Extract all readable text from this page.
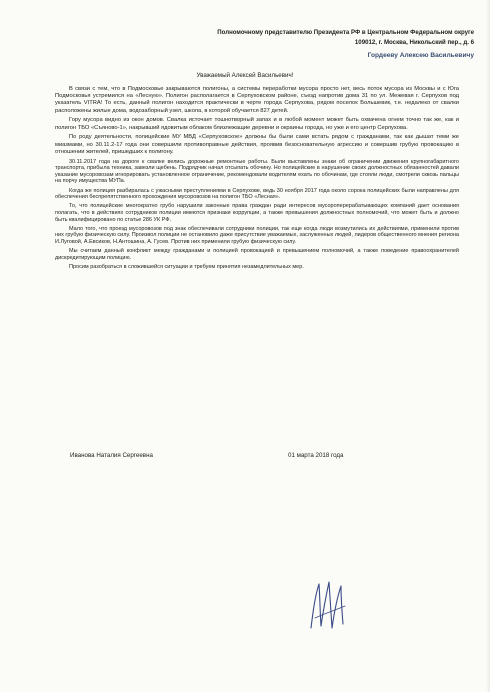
Полномочному представителю Президента РФ в Центральном Федеральном округе
109012, г. Москва, Никольский пер., д. 6
Гордееву Алексею Васильевичу
Уважаемый Алексей Васильевич!

В связи с тем, что в Подмосковье закрываются полигоны, а системы переработки мусора просто нет, весь поток мусора из Москвы и с Юга Подмосковья устремился на «Лесную». Полигон располагается в Серпуховском районе, съезд напротив дома 31 по ул. Межевая г. Серпухов под указатель VITRA! То есть, данный полигон находится практически в черте города Серпухова, рядом поселок Большевик, т.е. недалеко от свалки расположены жилые дома, водозаборный узел, школа, в которой обучается 827 детей.

Гору мусора видно из окон домов. Свалка источает тошнотворный запах и в любой момент может быть охвачена огнем точно так же, как и полигон ТБО «Съяново-1», накрывший ядовитым облаком близлежащие деревни и окраины города, но уже и его центр Серпухова.

По роду деятельности, полицейские МУ МВД «Серпуховское» должны бы были сами встать рядом с гражданами, так как дышат теми же миазмами, но 30.11.2-17 года они совершили противоправные действия, проявив безосновательную агрессию и совершив грубую провокацию в отношении жителей, пришедших к полигону.

30.11.2017 года на дороге к свалке велись дорожные ремонтные работы. Были выставлены знаки об ограничении движения крупногабаритного транспорта, прибыла техника, завезли щебень. Подрядчик начал отсыпать обочину. Но полицейские в нарушение своих должностных обязанностей давали указание мусоровозам игнорировать установленное ограничение, рекомендовали водителям ехать по обочинам, где стояли люди, смотрели сквозь пальцы на порчу имущества МУПа.

Когда же полиция разбиралась с ужасными преступлениями в Серпухове, ведь 30 ноября 2017 года около сорока полицейских были направлены для обеспечения беспрепятственного прохождения мусоровозов на полигон ТБО «Лесная».

То, что полицейские многократно грубо нарушили законные права граждан ради интересов мусороперерабатывающих компаний дает основания полагать, что в действиях сотрудников полиции имеются признаки коррупции, а также превышения должностных полномочий, что может быть и должно быть квалифицировано по статье 286 УК РФ.

Мало того, что проезд мусоровозов под знак обеспечивали сотрудники полиции, так еще когда люди возмутились их действиями, применили против них грубую физическую силу. Произвол полиции не остановило даже присутствие уважаемых, заслуженных людей, лидеров общественного мнения региона И.Луговой, А.Евсиков, Н.Антошина, А. Гусев. Против них применили грубую физическую силу.

Мы считаем данный конфликт между гражданами и полицией провокацией и превышением полномочий, а также поведение правоохранителей дискредитирующим полицию.

Просим разобраться в сложившейся ситуации и требуем принятия незамедлительных мер.

Иванова Наталия Сергеевна	01 марта 2018 года
